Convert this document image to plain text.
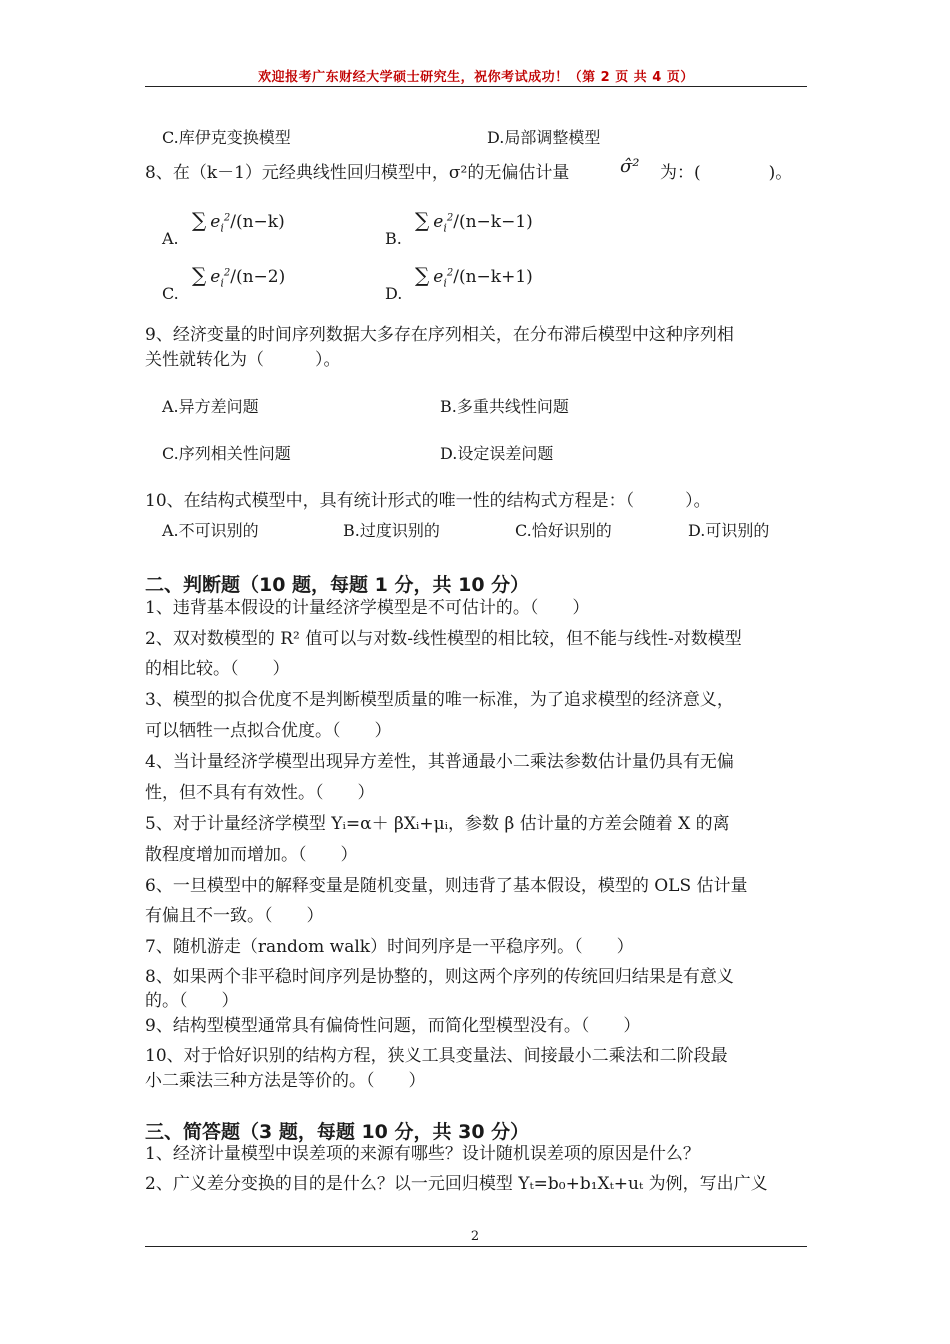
欢迎报考广东财经大学硕士研究生，祝你考试成功！（第 2 页 共 4 页）
C.库伊克变换模型	D.局部调整模型
8、在（k－1）元经典线性回归模型中，σ²的无偏估计量	σ̂² 为：(　　　　)。
A.
∑ $e_i^2/(n-k)$
B.
∑ $e_i^2/(n-k-1)$
C.
∑ $e_i^2/(n-2)$
D.
∑ $e_i^2/(n-k+1)$
9、经济变量的时间序列数据大多存在序列相关，在分布滞后模型中这种序列相
关性就转化为（　　　）。
A.异方差问题	B.多重共线性问题
C.序列相关性问题	D.设定误差问题
10、在结构式模型中，具有统计形式的唯一性的结构式方程是：（　　　）。
A.不可识别的	B.过度识别的	C.恰好识别的	D.可识别的
二、判断题（10 题，每题 1 分，共 10 分）
1、违背基本假设的计量经济学模型是不可估计的。（　　）
2、双对数模型的 R² 值可以与对数-线性模型的相比较，但不能与线性-对数模型
的相比较。（　　）
3、模型的拟合优度不是判断模型质量的唯一标准，为了追求模型的经济意义，
可以牺牲一点拟合优度。（　　）
4、当计量经济学模型出现异方差性，其普通最小二乘法参数估计量仍具有无偏
性，但不具有有效性。（　　）
5、对于计量经济学模型 Yᵢ=α＋ βXᵢ+μᵢ，参数 β 估计量的方差会随着 X 的离
散程度增加而增加。（　　）
6、一旦模型中的解释变量是随机变量，则违背了基本假设，模型的 OLS 估计量
有偏且不一致。（　　）
7、随机游走（random walk）时间列序是一平稳序列。（　　）
8、如果两个非平稳时间序列是协整的，则这两个序列的传统回归结果是有意义
的。（　　）
9、结构型模型通常具有偏倚性问题，而简化型模型没有。（　　）
10、对于恰好识别的结构方程，狭义工具变量法、间接最小二乘法和二阶段最
小二乘法三种方法是等价的。（　　）
三、简答题（3 题，每题 10 分，共 30 分）
1、经济计量模型中误差项的来源有哪些？设计随机误差项的原因是什么？
2、广义差分变换的目的是什么？以一元回归模型 Yₜ=b₀+b₁Xₜ+uₜ 为例，写出广义
2
